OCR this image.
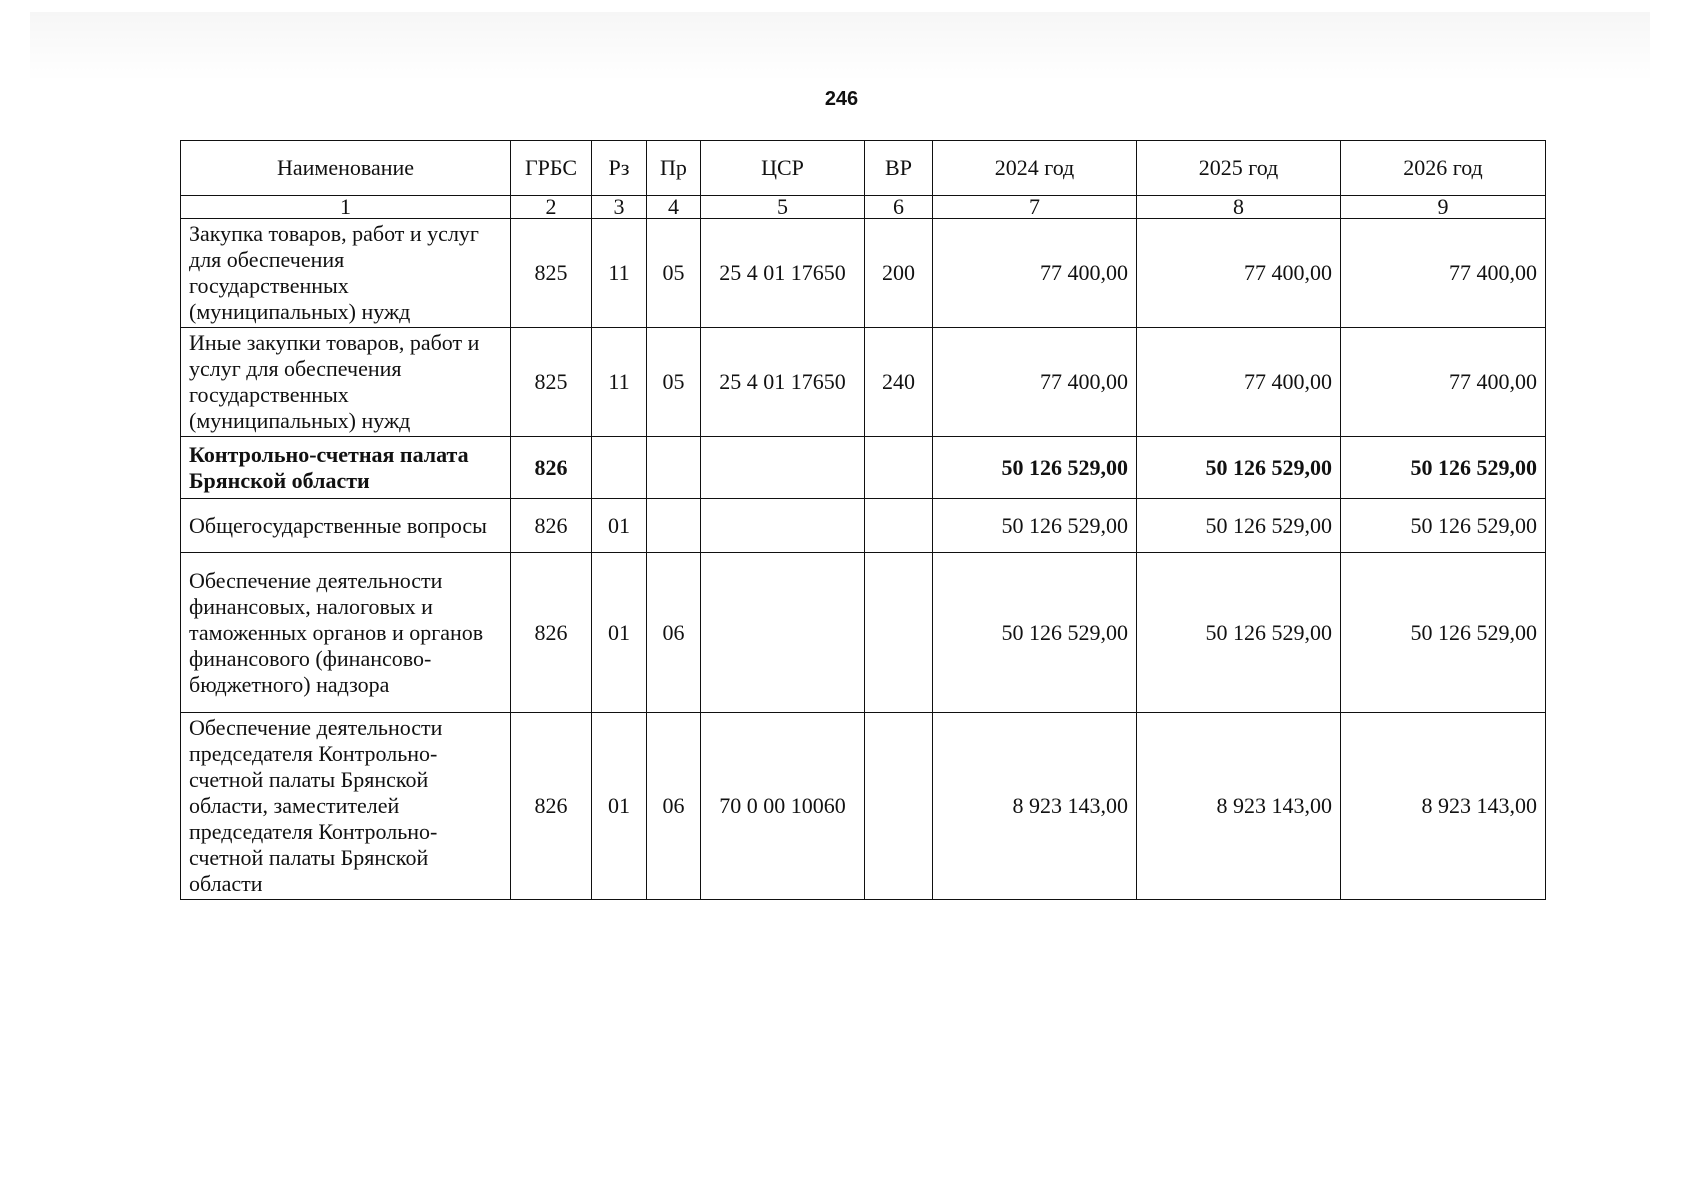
246
Наименование	ГРБС	Рз	Пр	ЦСР	ВР	2024 год	2025 год	2026 год
1	2	3	4	5	6	7	8	9
Закупка товаров, работ и услуг для обеспечения государственных (муниципальных) нужд	825	11	05	25 4 01 17650	200	77 400,00	77 400,00	77 400,00
Иные закупки товаров, работ и услуг для обеспечения государственных (муниципальных) нужд	825	11	05	25 4 01 17650	240	77 400,00	77 400,00	77 400,00
Контрольно-счетная палата Брянской области	826					50 126 529,00	50 126 529,00	50 126 529,00
Общегосударственные вопросы	826	01				50 126 529,00	50 126 529,00	50 126 529,00
Обеспечение деятельности финансовых, налоговых и таможенных органов и органов финансового (финансово-бюджетного) надзора	826	01	06			50 126 529,00	50 126 529,00	50 126 529,00
Обеспечение деятельности председателя Контрольно-счетной палаты Брянской области, заместителей председателя Контрольно-счетной палаты Брянской области	826	01	06	70 0 00 10060		8 923 143,00	8 923 143,00	8 923 143,00
